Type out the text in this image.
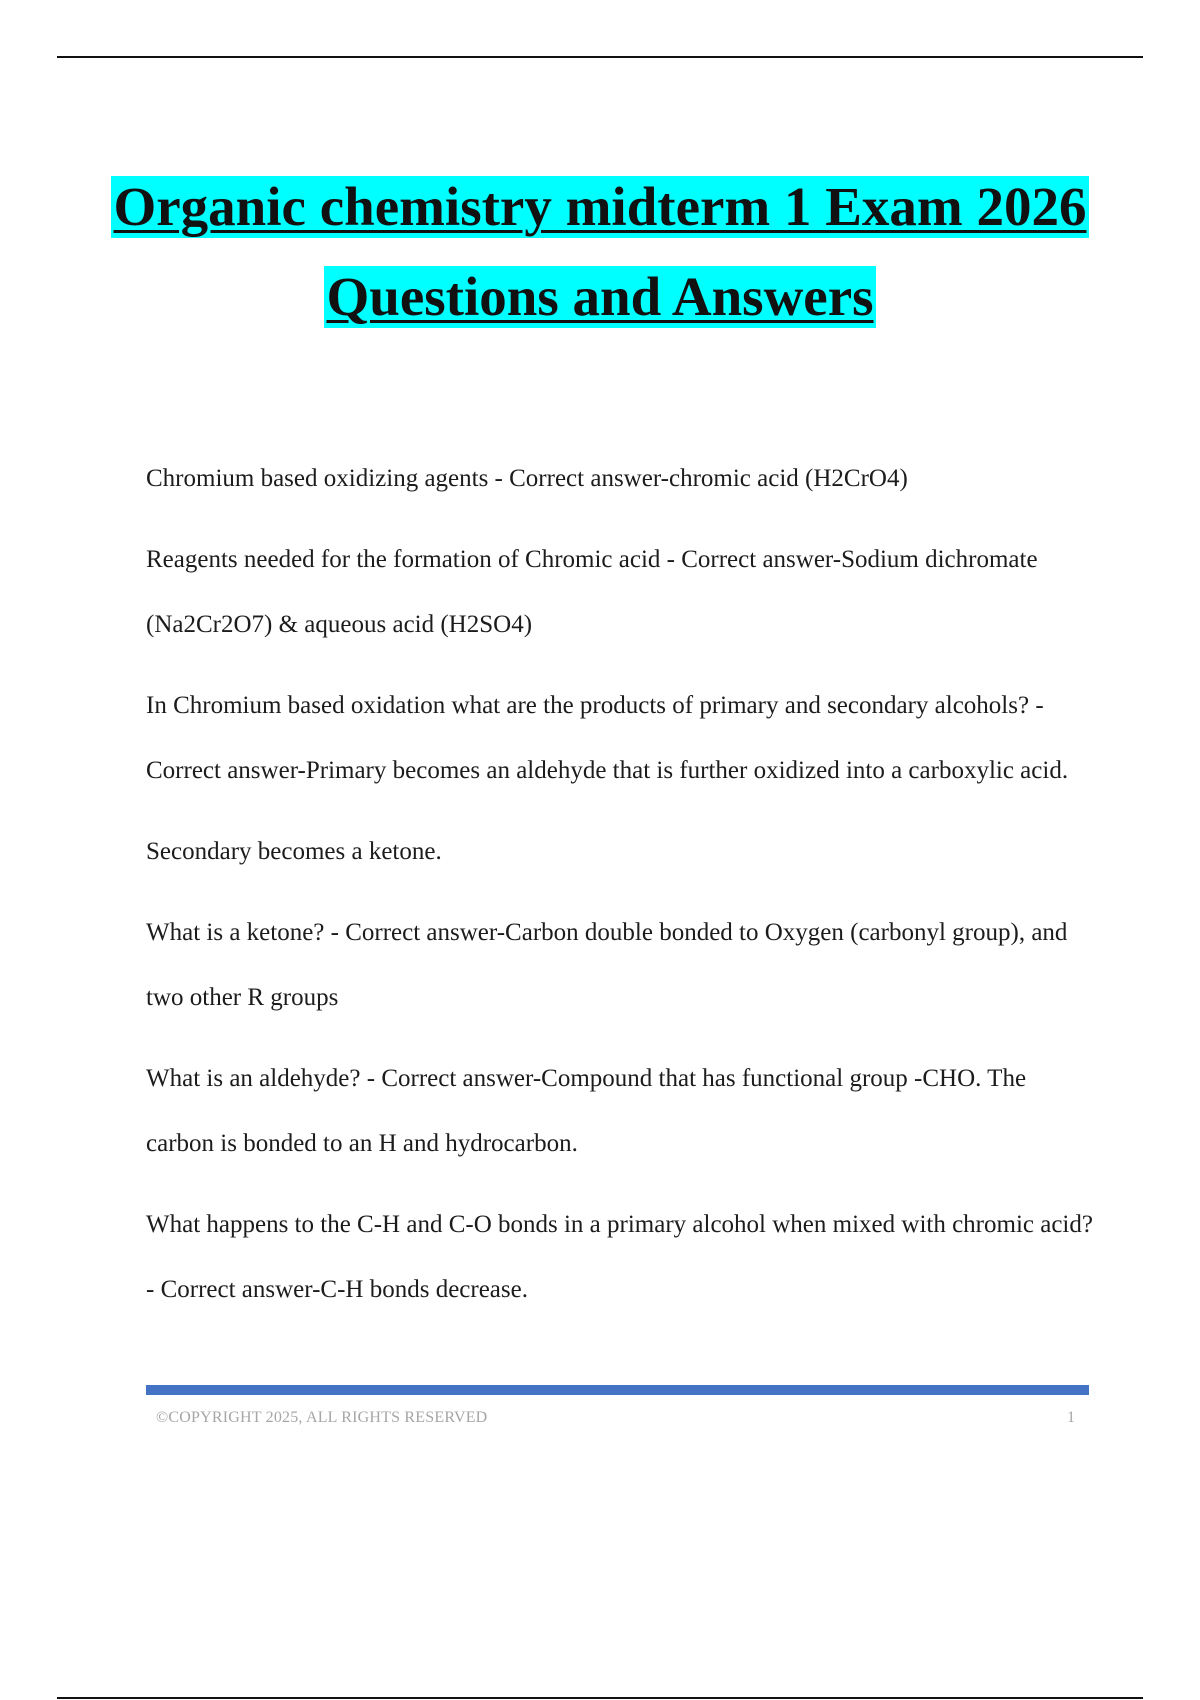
Organic chemistry midterm 1 Exam 2026
Questions and Answers

Chromium based oxidizing agents - Correct answer-chromic acid (H2CrO4)

Reagents needed for the formation of Chromic acid - Correct answer-Sodium dichromate (Na2Cr2O7) & aqueous acid (H2SO4)

In Chromium based oxidation what are the products of primary and secondary alcohols? - Correct answer-Primary becomes an aldehyde that is further oxidized into a carboxylic acid.

Secondary becomes a ketone.

What is a ketone? - Correct answer-Carbon double bonded to Oxygen (carbonyl group), and two other R groups

What is an aldehyde? - Correct answer-Compound that has functional group -CHO. The carbon is bonded to an H and hydrocarbon.

What happens to the C-H and C-O bonds in a primary alcohol when mixed with chromic acid? - Correct answer-C-H bonds decrease.

©COPYRIGHT 2025, ALL RIGHTS RESERVED	1
